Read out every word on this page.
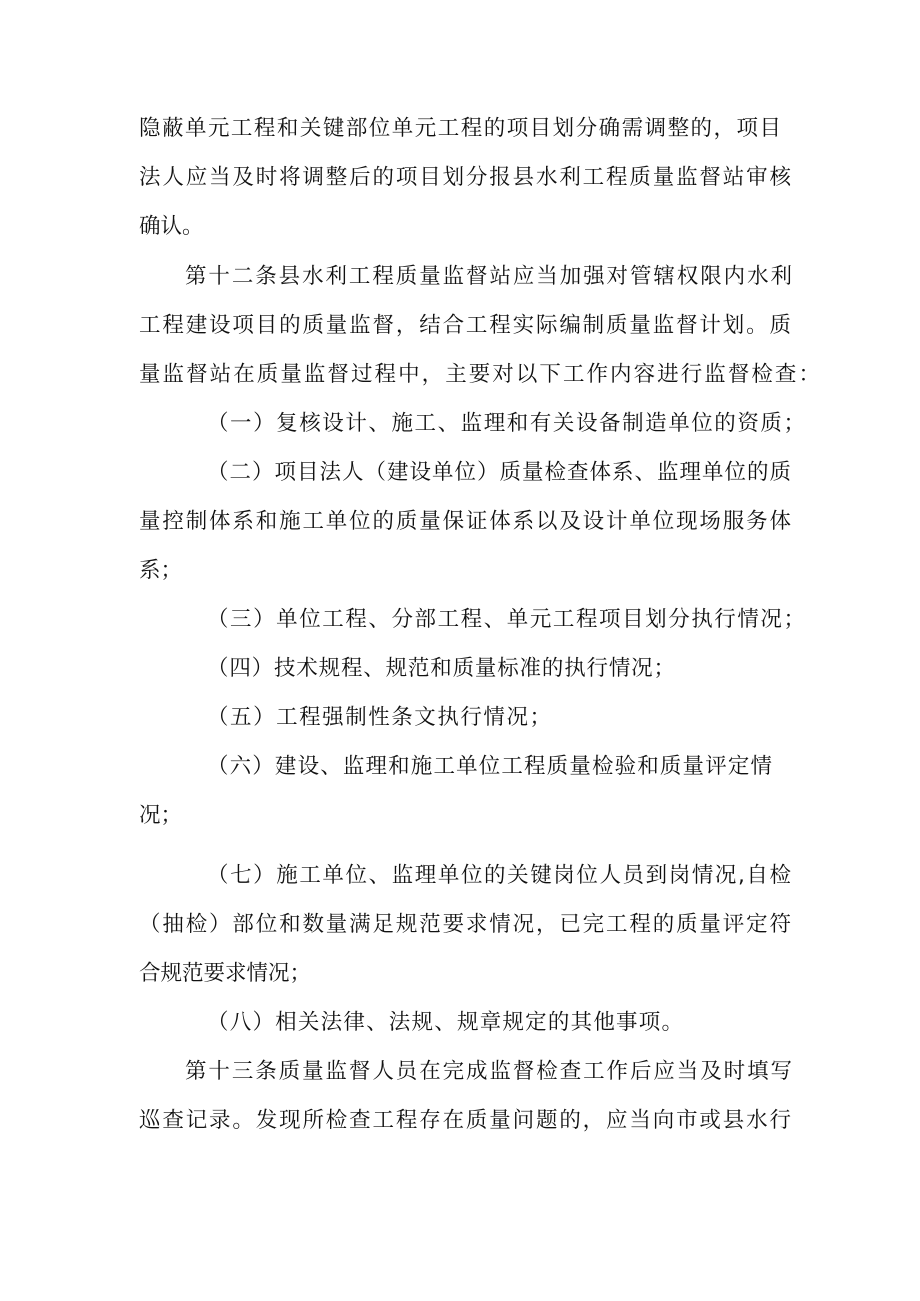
隐蔽单元工程和关键部位单元工程的项目划分确需调整的，项目

法人应当及时将调整后的项目划分报县水利工程质量监督站审核

确认。

第十二条县水利工程质量监督站应当加强对管辖权限内水利

工程建设项目的质量监督，结合工程实际编制质量监督计划。质

量监督站在质量监督过程中，主要对以下工作内容进行监督检查：

（一）复核设计、施工、监理和有关设备制造单位的资质；

（二）项目法人（建设单位）质量检查体系、监理单位的质

量控制体系和施工单位的质量保证体系以及设计单位现场服务体

系；

（三）单位工程、分部工程、单元工程项目划分执行情况；

（四）技术规程、规范和质量标准的执行情况；

（五）工程强制性条文执行情况；

（六）建设、监理和施工单位工程质量检验和质量评定情

况；

（七）施工单位、监理单位的关键岗位人员到岗情况,自检

（抽检）部位和数量满足规范要求情况，已完工程的质量评定符

合规范要求情况；

（八）相关法律、法规、规章规定的其他事项。

第十三条质量监督人员在完成监督检查工作后应当及时填写

巡查记录。发现所检查工程存在质量问题的，应当向市或县水行
